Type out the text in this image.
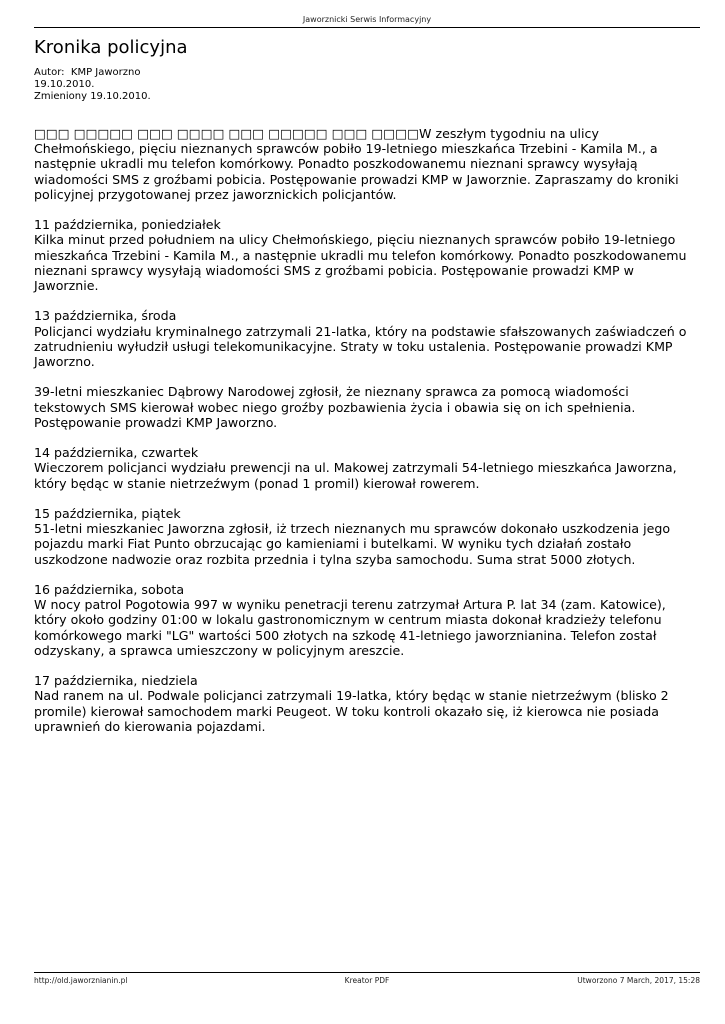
Jaworznicki Serwis Informacyjny
Kronika policyjna
Autor:  KMP Jaworzno
19.10.2010.
Zmieniony 19.10.2010.

□□□ □□□□□ □□□ □□□□ □□□ □□□□□ □□□ □□□□W zeszłym tygodniu na ulicy Chełmońskiego, pięciu nieznanych sprawców pobiło 19-letniego mieszkańca Trzebini - Kamila M., a następnie ukradli mu telefon komórkowy. Ponadto poszkodowanemu nieznani sprawcy wysyłają wiadomości SMS z groźbami pobicia. Postępowanie prowadzi KMP w Jaworznie. Zapraszamy do kroniki policyjnej przygotowanej przez jaworznickich policjantów.

11 października, poniedziałek
Kilka minut przed południem na ulicy Chełmońskiego, pięciu nieznanych sprawców pobiło 19-letniego mieszkańca Trzebini - Kamila M., a następnie ukradli mu telefon komórkowy. Ponadto poszkodowanemu nieznani sprawcy wysyłają wiadomości SMS z groźbami pobicia. Postępowanie prowadzi KMP w Jaworznie.
13 października, środa
Policjanci wydziału kryminalnego zatrzymali 21-latka, który na podstawie sfałszowanych zaświadczeń o zatrudnieniu wyłudził usługi telekomunikacyjne. Straty w toku ustalenia. Postępowanie prowadzi KMP Jaworzno.
39-letni mieszkaniec Dąbrowy Narodowej zgłosił, że nieznany sprawca za pomocą wiadomości tekstowych SMS kierował wobec niego groźby pozbawienia życia i obawia się on ich spełnienia. Postępowanie prowadzi KMP Jaworzno.
14 października, czwartek
Wieczorem policjanci wydziału prewencji na ul. Makowej zatrzymali 54-letniego mieszkańca Jaworzna, który będąc w stanie nietrzeźwym (ponad 1 promil) kierował rowerem.
15 października, piątek
51-letni mieszkaniec Jaworzna zgłosił, iż trzech nieznanych mu sprawców dokonało uszkodzenia jego pojazdu marki Fiat Punto obrzucając go kamieniami i butelkami. W wyniku tych działań zostało uszkodzone nadwozie oraz rozbita przednia i tylna szyba samochodu. Suma strat 5000 złotych.
16 października, sobota
W nocy patrol Pogotowia 997 w wyniku penetracji terenu zatrzymał Artura P. lat 34 (zam. Katowice), który około godziny 01:00 w lokalu gastronomicznym w centrum miasta dokonał kradzieży telefonu komórkowego marki "LG" wartości 500 złotych na szkodę 41-letniego jaworznianina. Telefon został odzyskany, a sprawca umieszczony w policyjnym areszcie.
17 października, niedziela
Nad ranem na ul. Podwale policjanci zatrzymali 19-latka, który będąc w stanie nietrzeźwym (blisko 2 promile) kierował samochodem marki Peugeot. W toku kontroli okazało się, iż kierowca nie posiada uprawnień do kierowania pojazdami.
http://old.jaworznianin.pl	Kreator PDF	Utworzono 7 March, 2017, 15:28
